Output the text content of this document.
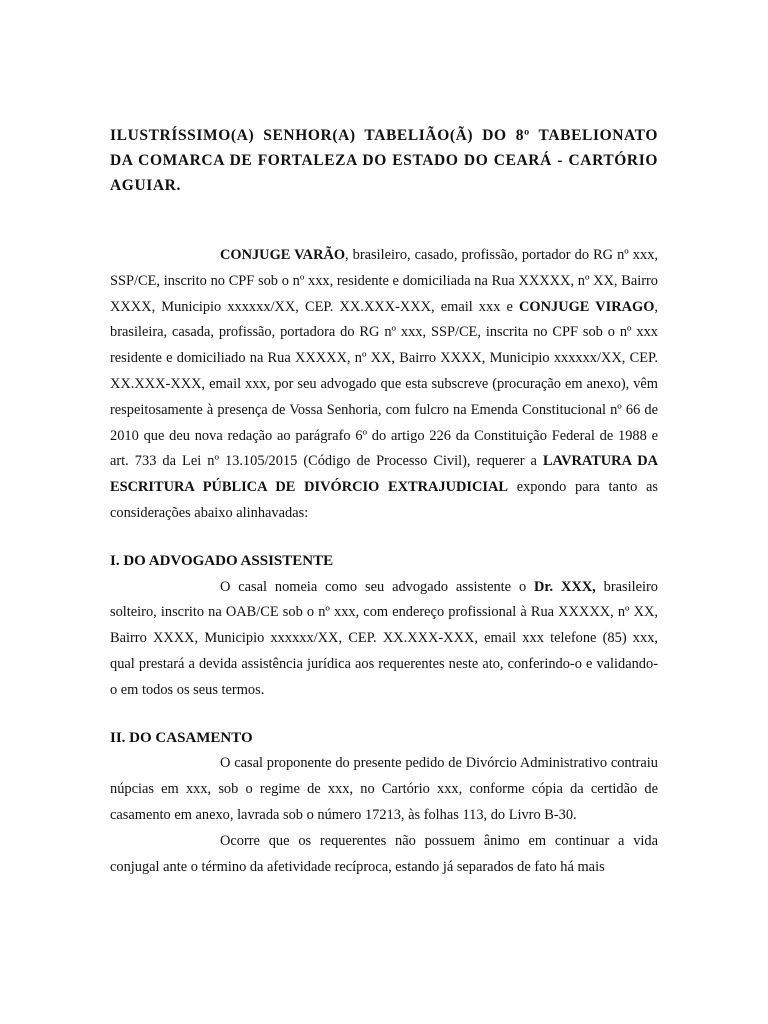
ILUSTRÍSSIMO(A) SENHOR(A) TABELIÃO(Ã) DO 8º TABELIONATO DA COMARCA DE FORTALEZA DO ESTADO DO CEARÁ - CARTÓRIO AGUIAR.

CONJUGE VARÃO, brasileiro, casado, profissão, portador do RG nº xxx, SSP/CE, inscrito no CPF sob o nº xxx, residente e domiciliada na Rua XXXXX, nº XX, Bairro XXXX, Municipio xxxxxx/XX, CEP. XX.XXX-XXX, email xxx e CONJUGE VIRAGO, brasileira, casada, profissão, portadora do RG nº xxx, SSP/CE, inscrita no CPF sob o nº xxx residente e domiciliado na Rua XXXXX, nº XX, Bairro XXXX, Municipio xxxxxx/XX, CEP. XX.XXX-XXX, email xxx, por seu advogado que esta subscreve (procuração em anexo), vêm respeitosamente à presença de Vossa Senhoria, com fulcro na Emenda Constitucional nº 66 de 2010 que deu nova redação ao parágrafo 6º do artigo 226 da Constituição Federal de 1988 e art. 733 da Lei nº 13.105/2015 (Código de Processo Civil), requerer a LAVRATURA DA ESCRITURA PÚBLICA DE DIVÓRCIO EXTRAJUDICIAL expondo para tanto as considerações abaixo alinhavadas:

I. DO ADVOGADO ASSISTENTE

O casal nomeia como seu advogado assistente o Dr. XXX, brasileiro solteiro, inscrito na OAB/CE sob o nº xxx, com endereço profissional à Rua XXXXX, nº XX, Bairro XXXX, Municipio xxxxxx/XX, CEP. XX.XXX-XXX, email xxx telefone (85) xxx, qual prestará a devida assistência jurídica aos requerentes neste ato, conferindo-o e validando-o em todos os seus termos.

II. DO CASAMENTO

O casal proponente do presente pedido de Divórcio Administrativo contraiu núpcias em xxx, sob o regime de xxx, no Cartório xxx, conforme cópia da certidão de casamento em anexo, lavrada sob o número 17213, às folhas 113, do Livro B-30.

Ocorre que os requerentes não possuem ânimo em continuar a vida conjugal ante o término da afetividade recíproca, estando já separados de fato há mais
